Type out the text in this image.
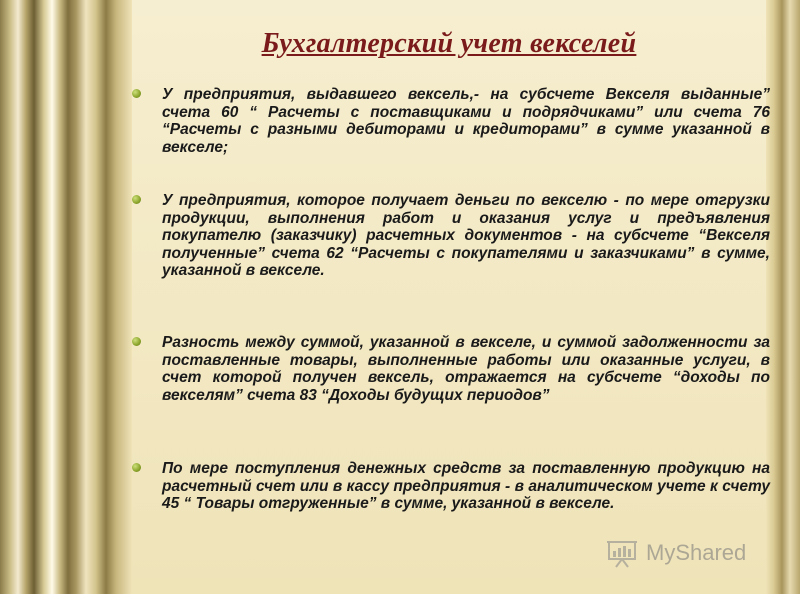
Бухгалтерский учет векселей
У предприятия, выдавшего вексель,- на субсчете Векселя выданные” счета 60 “ Расчеты с поставщиками и подрядчиками” или счета 76 “Расчеты с разными дебиторами и кредиторами” в сумме указанной в векселе;
У предприятия, которое получает деньги по векселю - по мере отгрузки продукции, выполнения работ и оказания услуг и предъявления покупателю (заказчику) расчетных документов - на субсчете “Векселя полученные” счета 62 “Расчеты с покупателями и заказчиками” в сумме, указанной в векселе.
Разность между суммой, указанной в векселе, и суммой задолженности за поставленные товары, выполненные работы или оказанные услуги, в счет которой получен вексель, отражается на субсчете “доходы по векселям” счета 83 “Доходы будущих периодов”
По мере поступления денежных средств за поставленную продукцию на расчетный счет или в кассу предприятия - в аналитическом учете к счету 45 “ Товары отгруженные” в сумме, указанной в векселе.
MyShared
